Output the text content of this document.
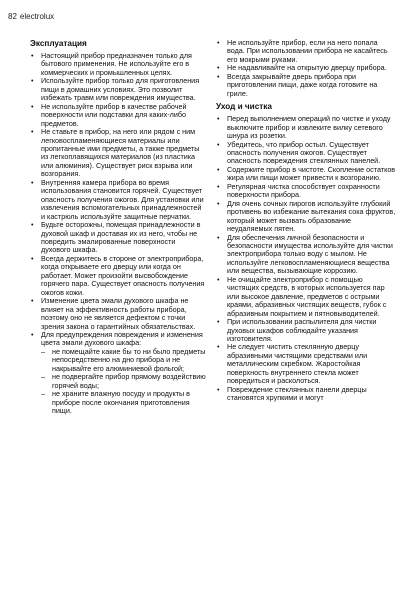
82 electrolux
Эксплуатация
• Настоящий прибор предназначен только для бытового применения. Не используйте его в коммерческих и промышленных целях.
• Используйте прибор только для приготовления пищи в домашних условиях. Это позволит избежать травм или повреждения имущества.
• Не используйте прибор в качестве рабочей поверхности или подставки для каких-либо предметов.
• Не ставьте в прибор, на него или рядом с ним легковоспламеняющиеся материалы или пропитанные ими предметы, а также предметы из легкоплавящихся материалов (из пластика или алюминия). Существует риск взрыва или возгорания.
• Внутренняя камера прибора во время использования становится горячей. Существует опасность получения ожогов. Для установки или извлечения вспомогательных принадлежностей и кастрюль используйте защитные перчатки.
• Будьте осторожны, помещая принадлежности в духовой шкаф и доставая их из него, чтобы не повредить эмалированные поверхности духового шкафа.
• Всегда держитесь в стороне от электроприбора, когда открываете его дверцу или когда он работает. Может произойти высвобождение горячего пара. Существует опасность получения ожогов кожи.
• Изменение цвета эмали духового шкафа не влияет на эффективность работы прибора, поэтому оно не является дефектом с точки зрения закона о гарантийных обязательствах.
• Для предупреждения повреждения и изменения цвета эмали духового шкафа:
– не помещайте какие бы то ни было предметы непосредственно на дно прибора и не накрывайте его алюминиевой фольгой;
– не подвергайте прибор прямому воздействию горячей воды;
– не храните влажную посуду и продукты в приборе после окончания приготовления пищи.
• Не используйте прибор, если на него попала вода. При использовании прибора не касайтесь его мокрыми руками.
• Не надавливайте на открытую дверцу прибора.
• Всегда закрывайте дверь прибора при приготовлении пищи, даже когда готовите на гриле.
Уход и чистка
• Перед выполнением операций по чистке и уходу выключите прибор и извлеките вилку сетевого шнура из розетки.
• Убедитесь, что прибор остыл. Существует опасность получения ожогов. Существует опасность повреждения стеклянных панелей.
• Содержите прибор в чистоте. Скопление остатков жира или пищи может привести к возгоранию.
• Регулярная чистка способствует сохранности поверхности прибора.
• Для очень сочных пирогов используйте глубокий противень во избежание вытекания сока фруктов, который может вызвать образование неудаляемых пятен.
• Для обеспечения личной безопасности и безопасности имущества используйте для чистки электроприбора только воду с мылом. Не используйте легковоспламеняющиеся вещества или вещества, вызывающие коррозию.
• Не очищайте электроприбор с помощью чистящих средств, в которых используется пар или высокое давление, предметов с острыми краями, абразивных чистящих веществ, губок с абразивным покрытием и пятновыводителей.
• При использовании распылителя для чистки духовых шкафов соблюдайте указания изготовителя.
• Не следует чистить стеклянную дверцу абразивными чистящими средствами или металлическим скребком. Жаростойкая поверхность внутреннего стекла может повредиться и расколоться.
• Повреждение стеклянных панели дверцы становятся хрупкими и могут
